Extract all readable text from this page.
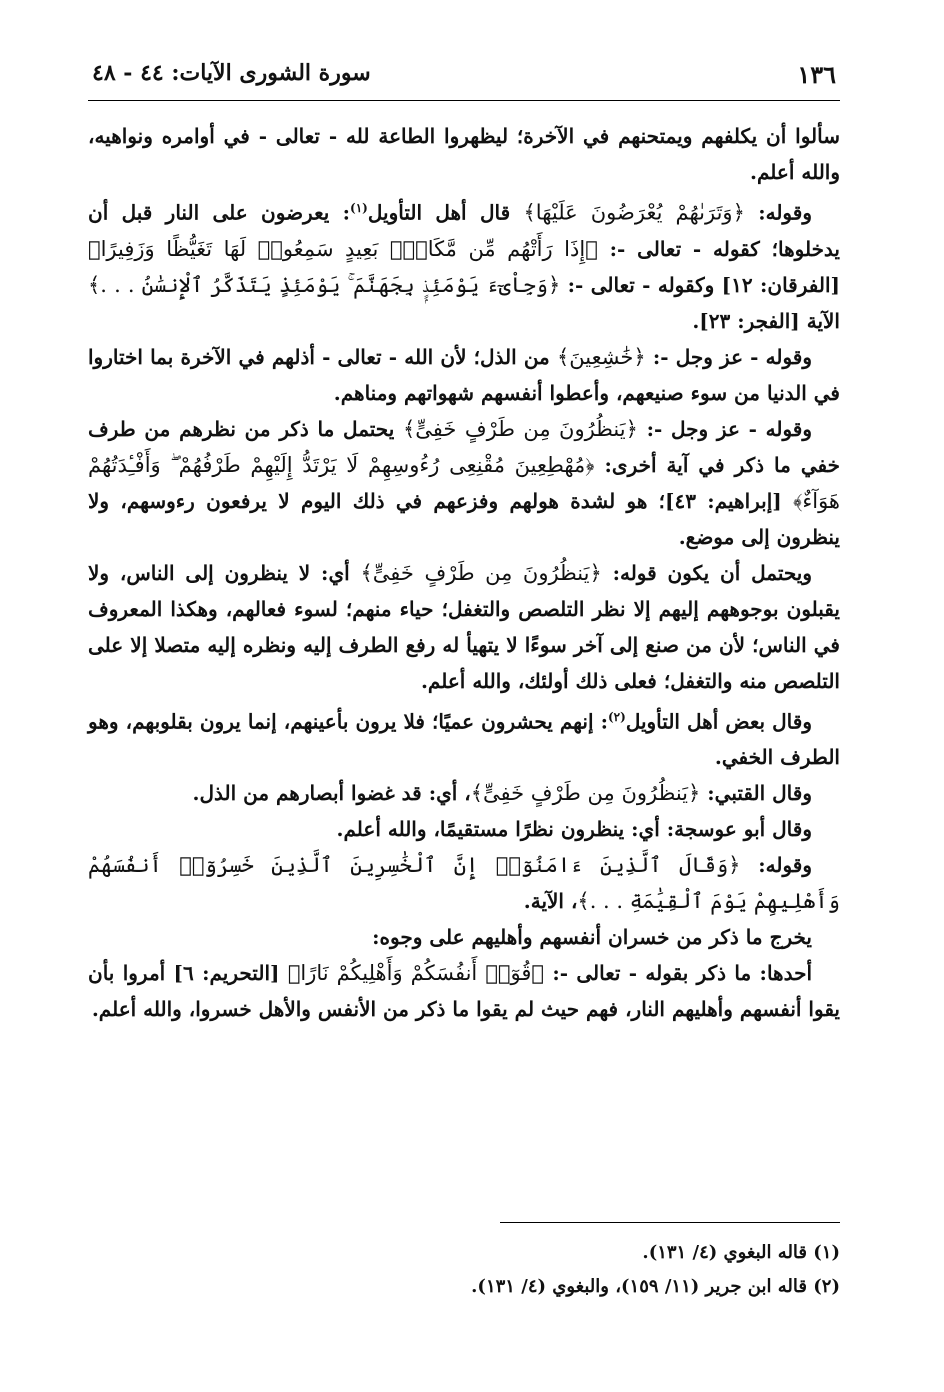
١٣٦
سورة الشورى الآيات: ٤٤ - ٤٨

سألوا أن يكلفهم ويمتحنهم في الآخرة؛ ليظهروا الطاعة لله - تعالى - في أوامره ونواهيه، والله أعلم.

وقوله: ﴿وَتَرَىٰهُمْ يُعْرَضُونَ عَلَيْهَا﴾ قال أهل التأويل$^{(١)}$: يعرضون على النار قبل أن يدخلوها؛ كقوله - تعالى -: ﴿إِذَا رَأَتْهُم مِّن مَّكَانٍۭ بَعِيدٍ سَمِعُوا۟ لَهَا تَغَيُّظًا وَزَفِيرًا﴾ [الفرقان: ١٢] وكقوله - تعالى -: ﴿وَجِاْىٓءَ يَوْمَئِذٍۭ بِجَهَنَّمَ ۚ يَوْمَئِذٍ يَتَذَكَّرُ ٱلْإِنسَٰنُ . . .﴾ الآية [الفجر: ٢٣].

وقوله - عز وجل -: ﴿خَٰشِعِينَ﴾ من الذل؛ لأن الله - تعالى - أذلهم في الآخرة بما اختاروا في الدنيا من سوء صنيعهم، وأعطوا أنفسهم شهواتهم ومناهم.

وقوله - عز وجل -: ﴿يَنظُرُونَ مِن طَرْفٍ خَفِىٍّ﴾ يحتمل ما ذكر من نظرهم من طرف خفي ما ذكر في آية أخرى: ﴿مُهْطِعِينَ مُقْنِعِى رُءُوسِهِمْ لَا يَرْتَدُّ إِلَيْهِمْ طَرْفُهُمْ ۖ وَأَفْـِٔدَتُهُمْ هَوَآءٌ﴾ [إبراهيم: ٤٣]؛ هو لشدة هولهم وفزعهم في ذلك اليوم لا يرفعون رءوسهم، ولا ينظرون إلى موضع.

ويحتمل أن يكون قوله: ﴿يَنظُرُونَ مِن طَرْفٍ خَفِىٍّ﴾ أي: لا ينظرون إلى الناس، ولا يقبلون بوجوههم إليهم إلا نظر التلصص والتغفل؛ حياء منهم؛ لسوء فعالهم، وهكذا المعروف في الناس؛ لأن من صنع إلى آخر سوءًا لا يتهيأ له رفع الطرف إليه ونظره إليه متصلا إلا على التلصص منه والتغفل؛ فعلى ذلك أولئك، والله أعلم.

وقال بعض أهل التأويل$^{(٢)}$: إنهم يحشرون عميًا؛ فلا يرون بأعينهم، إنما يرون بقلوبهم، وهو الطرف الخفي.

وقال القتبي: ﴿يَنظُرُونَ مِن طَرْفٍ خَفِىٍّ﴾، أي: قد غضوا أبصارهم من الذل.

وقال أبو عوسجة: أي: ينظرون نظرًا مستقيمًا، والله أعلم.

وقوله: ﴿وَقَالَ ٱلَّذِينَ ءَامَنُوٓا۟ إِنَّ ٱلْخَٰسِرِينَ ٱلَّذِينَ خَسِرُوٓا۟ أَنفُسَهُمْ وَأَهْلِيهِمْ يَوْمَ ٱلْقِيَٰمَةِ . . .﴾، الآية.

يخرج ما ذكر من خسران أنفسهم وأهليهم على وجوه:

أحدها: ما ذكر بقوله - تعالى -: ﴿قُوٓا۟ أَنفُسَكُمْ وَأَهْلِيكُمْ نَارًا﴾ [التحريم: ٦] أمروا بأن يقوا أنفسهم وأهليهم النار، فهم حيث لم يقوا ما ذكر من الأنفس والأهل خسروا، والله أعلم.

(١) قاله البغوي (٤/ ١٣١).

(٢) قاله ابن جرير (١١/ ١٥٩)، والبغوي (٤/ ١٣١).
